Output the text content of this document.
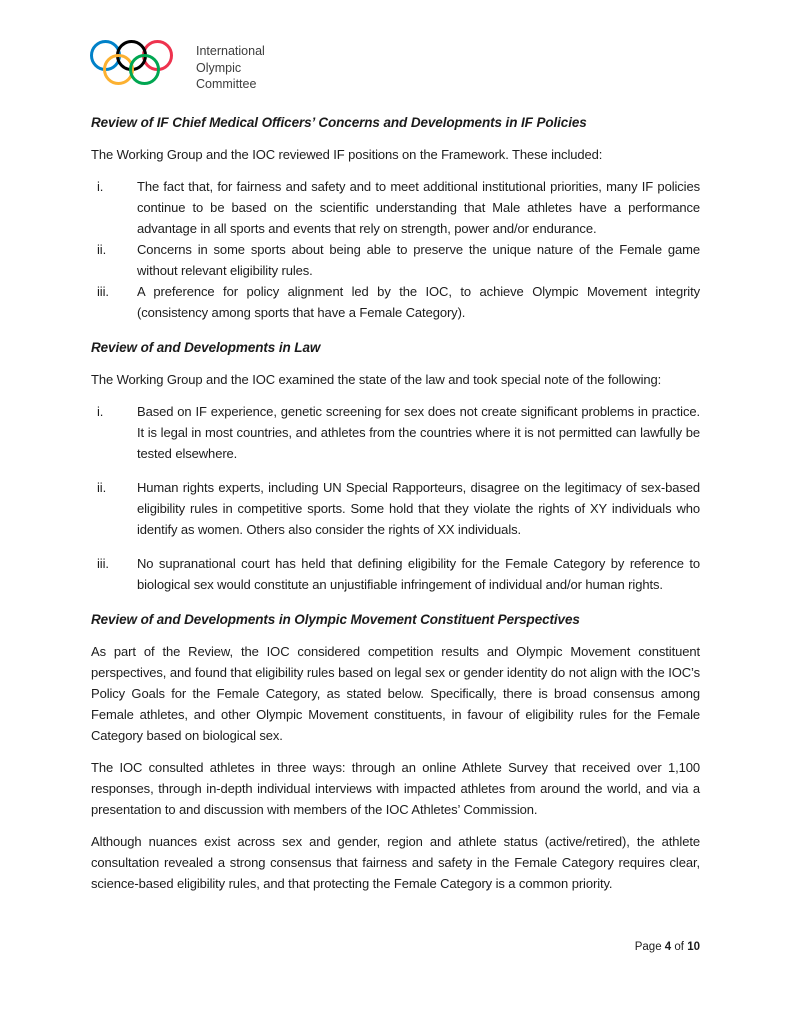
International
Olympic
Committee
Review of IF Chief Medical Officers’ Concerns and Developments in IF Policies

The Working Group and the IOC reviewed IF positions on the Framework. These included:

i.	The fact that, for fairness and safety and to meet additional institutional priorities, many IF policies continue to be based on the scientific understanding that Male athletes have a performance advantage in all sports and events that rely on strength, power and/or endurance.
ii.	Concerns in some sports about being able to preserve the unique nature of the Female game without relevant eligibility rules.
iii.	A preference for policy alignment led by the IOC, to achieve Olympic Movement integrity (consistency among sports that have a Female Category).
Review of and Developments in Law

The Working Group and the IOC examined the state of the law and took special note of the following:

i.	Based on IF experience, genetic screening for sex does not create significant problems in practice. It is legal in most countries, and athletes from the countries where it is not permitted can lawfully be tested elsewhere.
ii.	Human rights experts, including UN Special Rapporteurs, disagree on the legitimacy of sex-based eligibility rules in competitive sports. Some hold that they violate the rights of XY individuals who identify as women. Others also consider the rights of XX individuals.
iii.	No supranational court has held that defining eligibility for the Female Category by reference to biological sex would constitute an unjustifiable infringement of individual and/or human rights.
Review of and Developments in Olympic Movement Constituent Perspectives

As part of the Review, the IOC considered competition results and Olympic Movement constituent perspectives, and found that eligibility rules based on legal sex or gender identity do not align with the IOC’s Policy Goals for the Female Category, as stated below. Specifically, there is broad consensus among Female athletes, and other Olympic Movement constituents, in favour of eligibility rules for the Female Category based on biological sex.

The IOC consulted athletes in three ways: through an online Athlete Survey that received over 1,100 responses, through in-depth individual interviews with impacted athletes from around the world, and via a presentation to and discussion with members of the IOC Athletes’ Commission.

Although nuances exist across sex and gender, region and athlete status (active/retired), the athlete consultation revealed a strong consensus that fairness and safety in the Female Category requires clear, science-based eligibility rules, and that protecting the Female Category is a common priority.

Page 4 of 10
